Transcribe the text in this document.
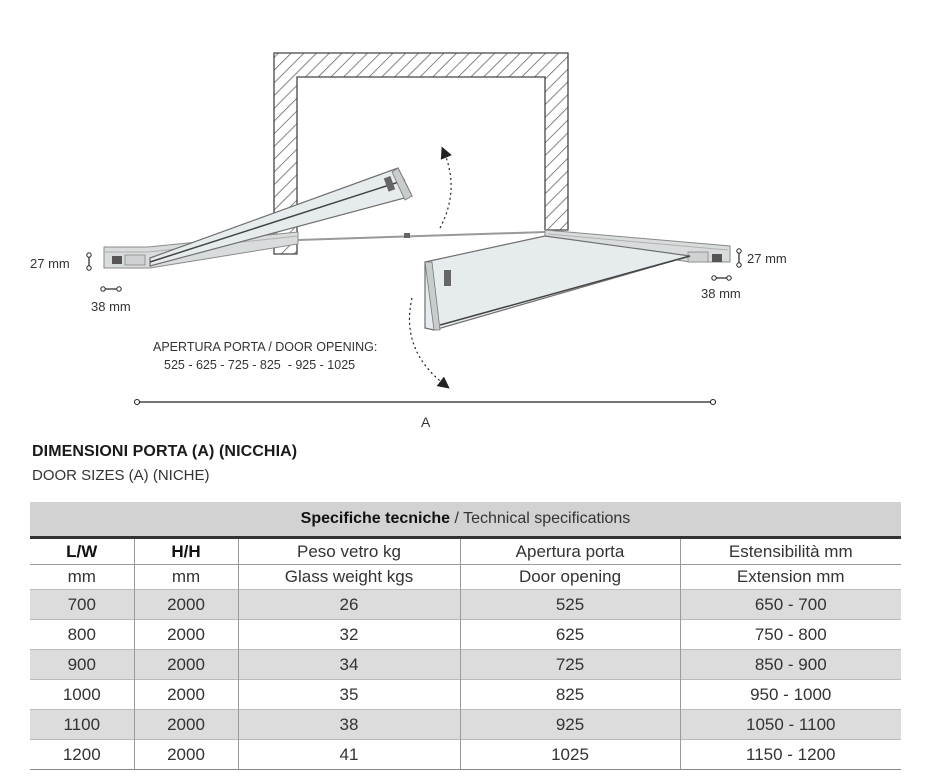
27 mm
38 mm
27 mm
38 mm
APERTURA PORTA / DOOR OPENING:
525 - 625 - 725 - 825  - 925 - 1025
A
DIMENSIONI PORTA (A) (NICCHIA)
DOOR SIZES (A) (NICHE)
Specifiche tecniche / Technical specifications				
L/W	H/H	Peso vetro kg	Apertura porta	Estensibilità mm
mm	mm	Glass weight kgs	Door opening	Extension mm
700	2000	26	525	650 - 700
800	2000	32	625	750 - 800
900	2000	34	725	850 - 900
1000	2000	35	825	950 - 1000
1100	2000	38	925	1050 - 1100
1200	2000	41	1025	1150 - 1200
